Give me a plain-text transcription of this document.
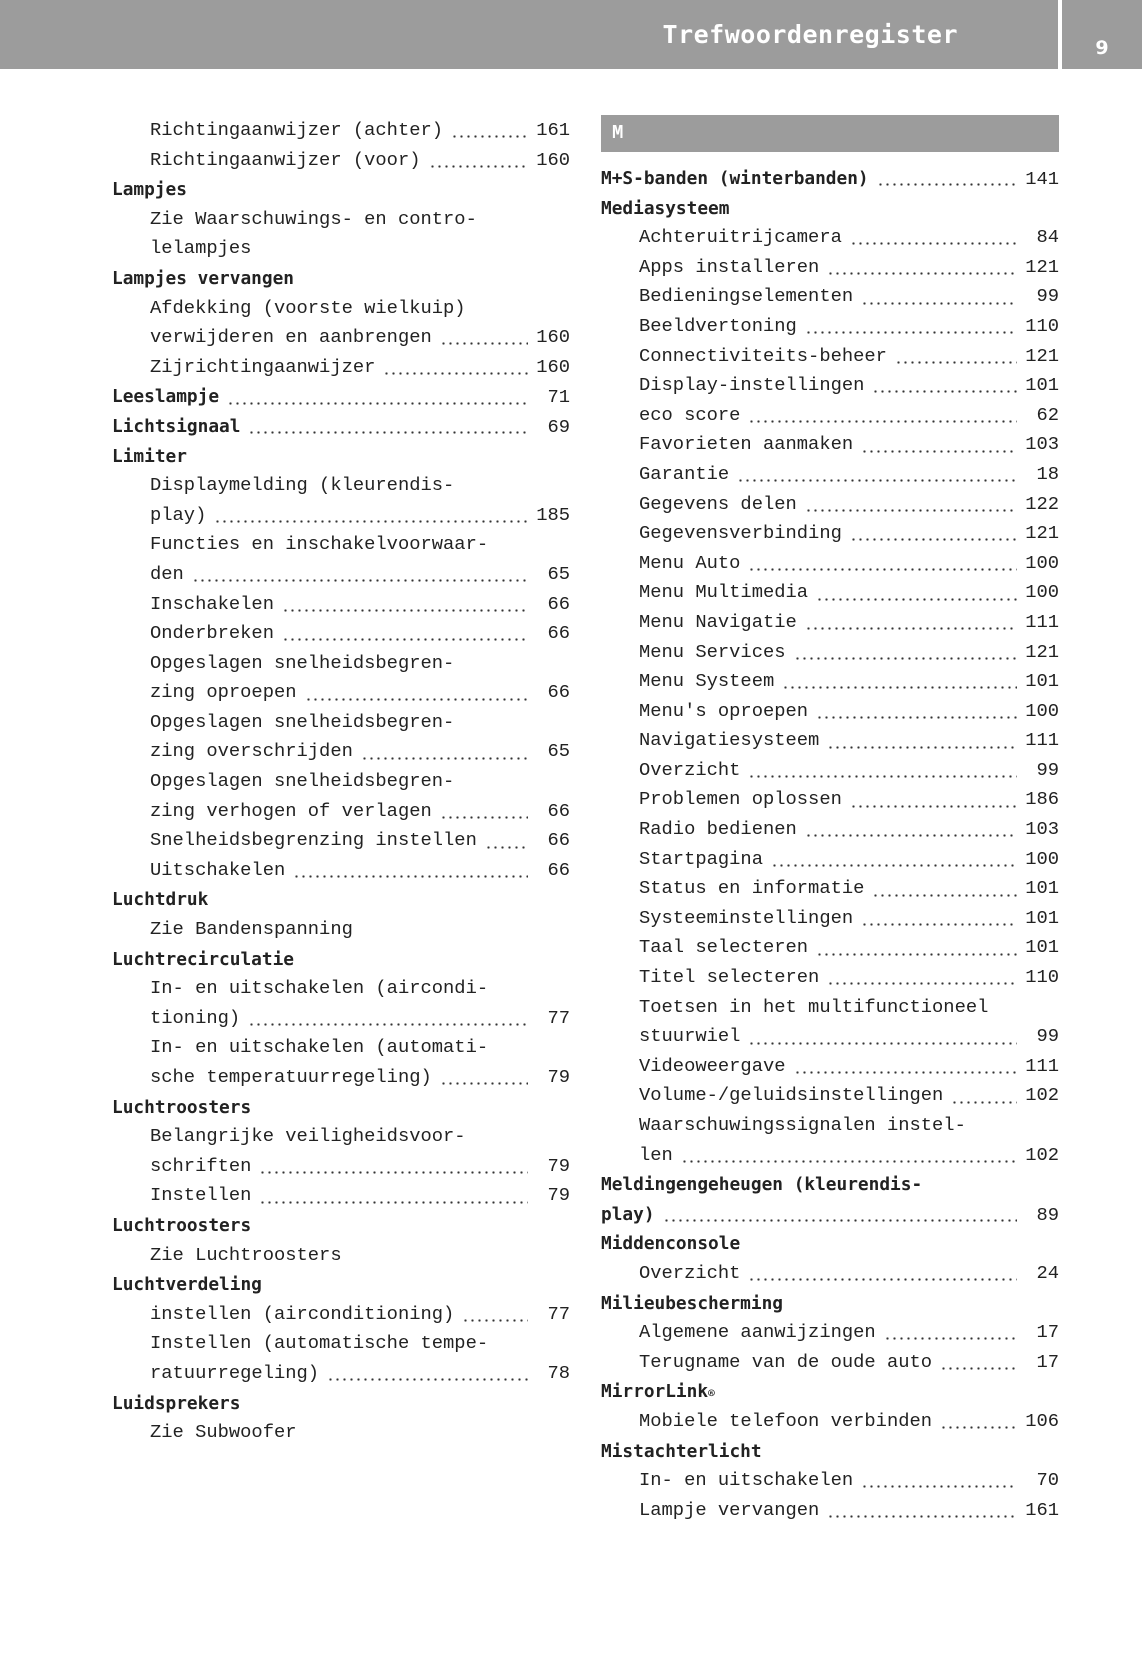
Trefwoordenregister	9
Richtingaanwijzer (achter)	161
Richtingaanwijzer (voor)	160
Lampjes
Zie Waarschuwings- en contro-
lelampjes
Lampjes vervangen
Afdekking (voorste wielkuip)
verwijderen en aanbrengen	160
Zijrichtingaanwijzer	160
Leeslampje	71
Lichtsignaal	69
Limiter
Displaymelding (kleurendis-
play)	185
Functies en inschakelvoorwaar-
den	65
Inschakelen	66
Onderbreken	66
Opgeslagen snelheidsbegren-
zing oproepen	66
Opgeslagen snelheidsbegren-
zing overschrijden	65
Opgeslagen snelheidsbegren-
zing verhogen of verlagen	66
Snelheidsbegrenzing instellen	66
Uitschakelen	66
Luchtdruk
Zie Bandenspanning
Luchtrecirculatie
In- en uitschakelen (aircondi-
tioning)	77
In- en uitschakelen (automati-
sche temperatuurregeling)	79
Luchtroosters
Belangrijke veiligheidsvoor-
schriften	79
Instellen	79
Luchtroosters
Zie Luchtroosters
Luchtverdeling
instellen (airconditioning)	77
Instellen (automatische tempe-
ratuurregeling)	78
Luidsprekers
Zie Subwoofer
M
M+S-banden (winterbanden)	141
Mediasysteem
Achteruitrijcamera	84
Apps installeren	121
Bedieningselementen	99
Beeldvertoning	110
Connectiviteits-beheer	121
Display-instellingen	101
eco score	62
Favorieten aanmaken	103
Garantie	18
Gegevens delen	122
Gegevensverbinding	121
Menu Auto	100
Menu Multimedia	100
Menu Navigatie	111
Menu Services	121
Menu Systeem	101
Menu's oproepen	100
Navigatiesysteem	111
Overzicht	99
Problemen oplossen	186
Radio bedienen	103
Startpagina	100
Status en informatie	101
Systeeminstellingen	101
Taal selecteren	101
Titel selecteren	110
Toetsen in het multifunctioneel
stuurwiel	99
Videoweergave	111
Volume-/geluidsinstellingen	102
Waarschuwingssignalen instel-
len	102
Meldingengeheugen (kleurendis-
play)	89
Middenconsole
Overzicht	24
Milieubescherming
Algemene aanwijzingen	17
Terugname van de oude auto	17
MirrorLink ®
Mobiele telefoon verbinden	106
Mistachterlicht
In- en uitschakelen	70
Lampje vervangen	161
